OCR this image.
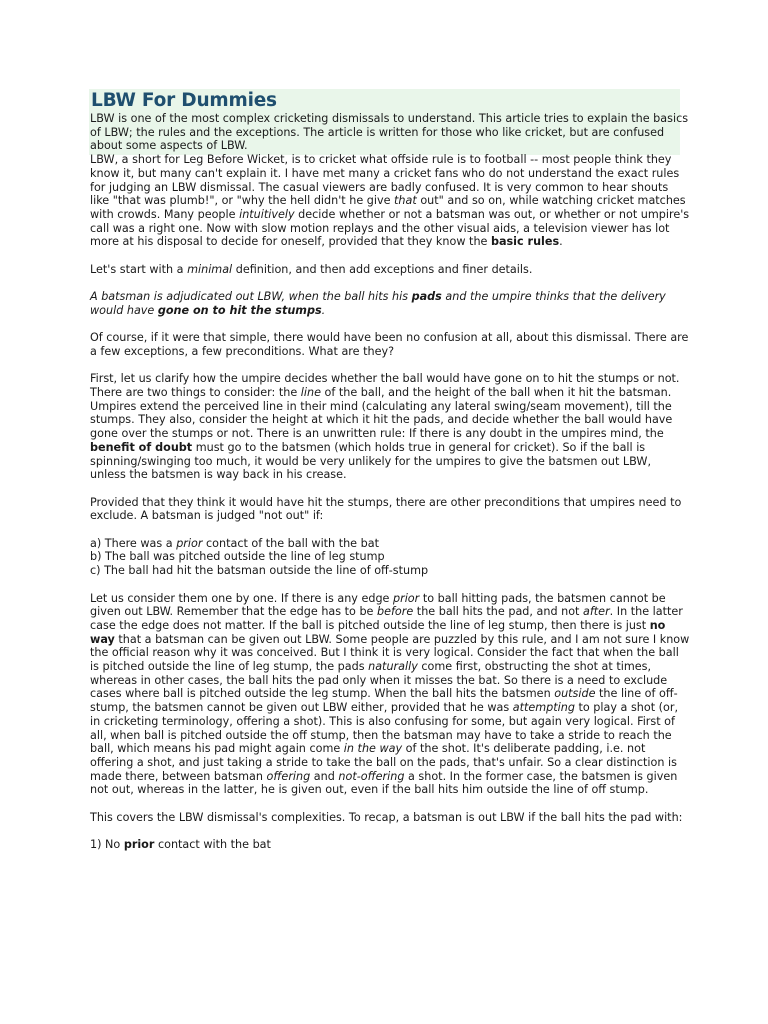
LBW For Dummies

LBW is one of the most complex cricketing dismissals to understand. This article tries to explain the basics of LBW; the rules and the exceptions. The article is written for those who like cricket, but are confused about some aspects of LBW.

LBW, a short for Leg Before Wicket, is to cricket what offside rule is to football -- most people think they know it, but many can't explain it. I have met many a cricket fans who do not understand the exact rules for judging an LBW dismissal. The casual viewers are badly confused. It is very common to hear shouts like "that was plumb!", or "why the hell didn't he give that out" and so on, while watching cricket matches with crowds. Many people intuitively decide whether or not a batsman was out, or whether or not umpire's call was a right one. Now with slow motion replays and the other visual aids, a television viewer has lot more at his disposal to decide for oneself, provided that they know the basic rules.

Let's start with a minimal definition, and then add exceptions and finer details.

A batsman is adjudicated out LBW, when the ball hits his pads and the umpire thinks that the delivery would have gone on to hit the stumps.

Of course, if it were that simple, there would have been no confusion at all, about this dismissal. There are a few exceptions, a few preconditions. What are they?

First, let us clarify how the umpire decides whether the ball would have gone on to hit the stumps or not. There are two things to consider: the line of the ball, and the height of the ball when it hit the batsman. Umpires extend the perceived line in their mind (calculating any lateral swing/seam movement), till the stumps. They also, consider the height at which it hit the pads, and decide whether the ball would have gone over the stumps or not. There is an unwritten rule: If there is any doubt in the umpires mind, the benefit of doubt must go to the batsmen (which holds true in general for cricket). So if the ball is spinning/swinging too much, it would be very unlikely for the umpires to give the batsmen out LBW, unless the batsmen is way back in his crease.

Provided that they think it would have hit the stumps, there are other preconditions that umpires need to exclude. A batsman is judged "not out" if:

a) There was a prior contact of the ball with the bat
b) The ball was pitched outside the line of leg stump
c) The ball had hit the batsman outside the line of off-stump

Let us consider them one by one. If there is any edge prior to ball hitting pads, the batsmen cannot be given out LBW. Remember that the edge has to be before the ball hits the pad, and not after. In the latter case the edge does not matter. If the ball is pitched outside the line of leg stump, then there is just no way that a batsman can be given out LBW. Some people are puzzled by this rule, and I am not sure I know the official reason why it was conceived. But I think it is very logical. Consider the fact that when the ball is pitched outside the line of leg stump, the pads naturally come first, obstructing the shot at times, whereas in other cases, the ball hits the pad only when it misses the bat. So there is a need to exclude cases where ball is pitched outside the leg stump. When the ball hits the batsmen outside the line of off-stump, the batsmen cannot be given out LBW either, provided that he was attempting to play a shot (or, in cricketing terminology, offering a shot). This is also confusing for some, but again very logical. First of all, when ball is pitched outside the off stump, then the batsman may have to take a stride to reach the ball, which means his pad might again come in the way of the shot. It's deliberate padding, i.e. not offering a shot, and just taking a stride to take the ball on the pads, that's unfair. So a clear distinction is made there, between batsman offering and not-offering a shot. In the former case, the batsmen is given not out, whereas in the latter, he is given out, even if the ball hits him outside the line of off stump.

This covers the LBW dismissal's complexities. To recap, a batsman is out LBW if the ball hits the pad with:

1) No prior contact with the bat
